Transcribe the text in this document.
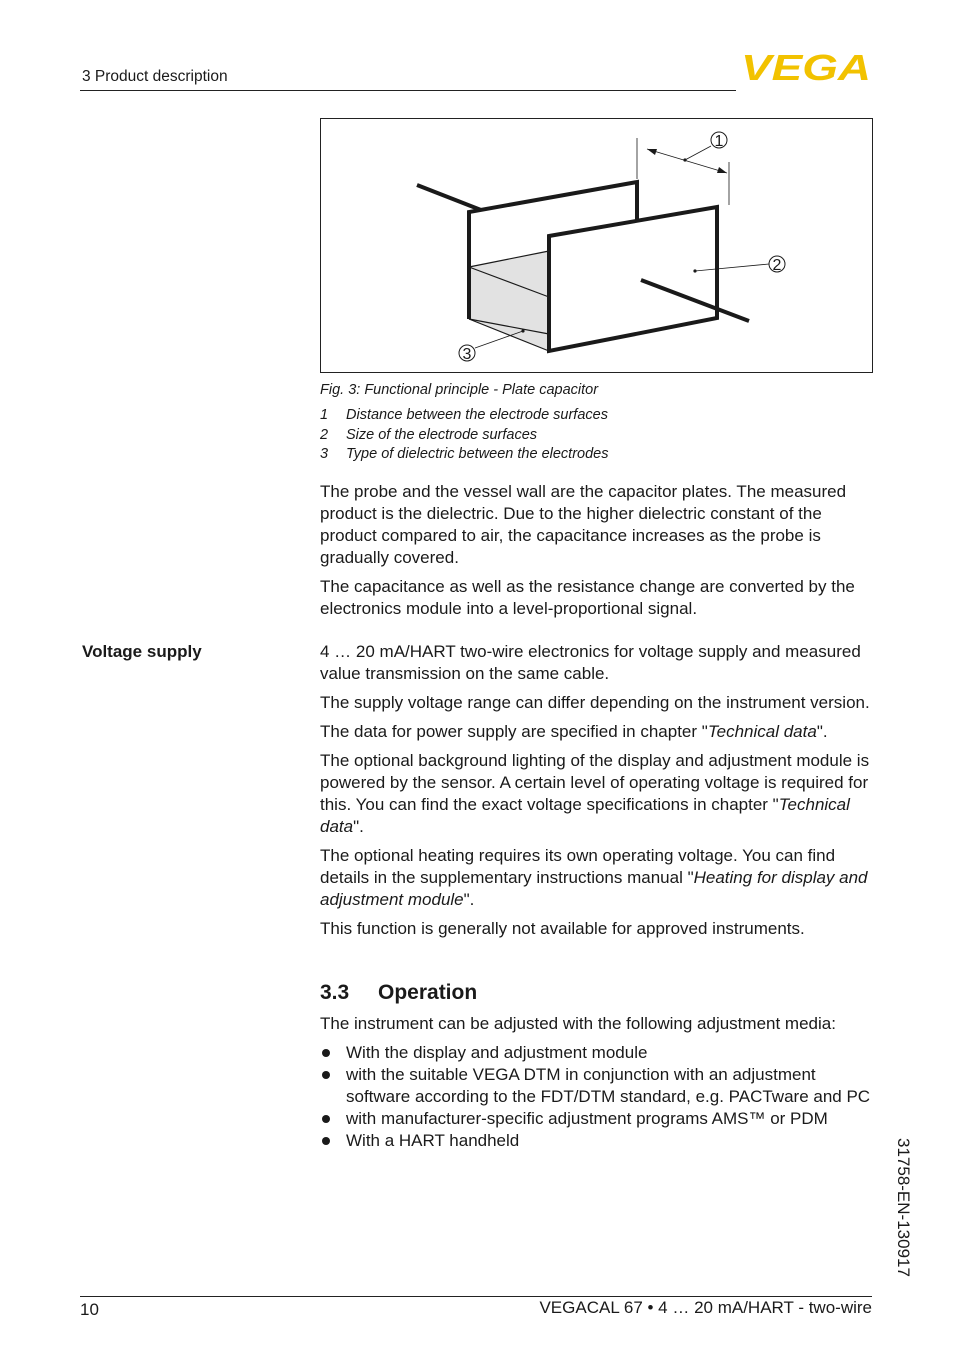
3 Product description	VEGA
1
2
3
Fig. 3: Functional principle - Plate capacitor
1 Distance between the electrode surfaces
2 Size of the electrode surfaces
3 Type of dielectric between the electrodes

The probe and the vessel wall are the capacitor plates. The measured product is the dielectric. Due to the higher dielectric constant of the product compared to air, the capacitance increases as the probe is gradually covered.

The capacitance as well as the resistance change are converted by the electronics module into a level-proportional signal.

Voltage supply	4 … 20 mA/HART two-wire electronics for voltage supply and measured value transmission on the same cable.

The supply voltage range can differ depending on the instrument version.

The data for power supply are specified in chapter "Technical data".

The optional background lighting of the display and adjustment module is powered by the sensor. A certain level of operating voltage is required for this. You can find the exact voltage specifications in chapter "Technical data".

The optional heating requires its own operating voltage. You can find details in the supplementary instructions manual "Heating for display and adjustment module".

This function is generally not available for approved instruments.

3.3 Operation

The instrument can be adjusted with the following adjustment media:

With the display and adjustment module
with the suitable VEGA DTM in conjunction with an adjustment software according to the FDT/DTM standard, e.g. PACTware and PC
with manufacturer-specific adjustment programs AMS™ or PDM
With a HART handheld	31758-EN-130917
10	VEGACAL 67 • 4 … 20 mA/HART - two-wire
